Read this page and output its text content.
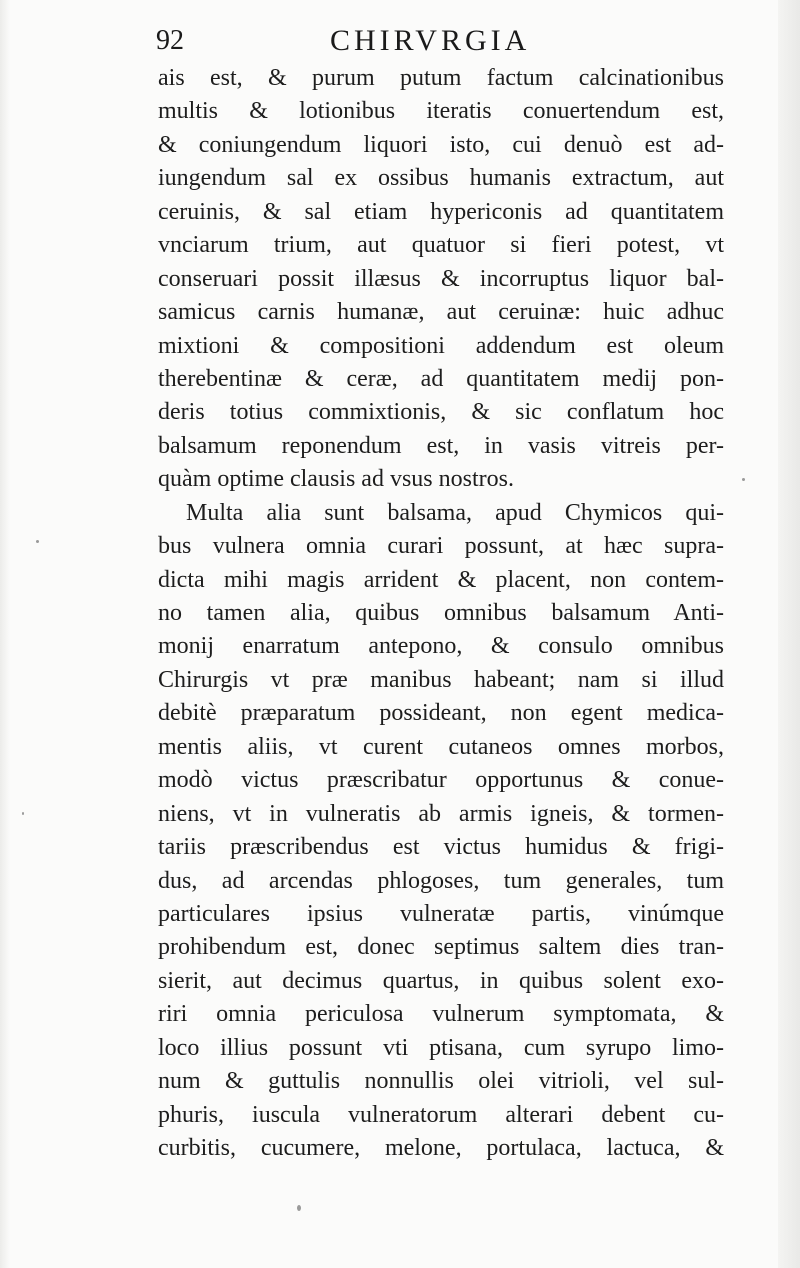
92	CHIRVRGIA
ais est, & purum putum factum calcinationibus
multis & lotionibus iteratis conuertendum est,
& coniungendum liquori isto, cui denuò est ad-
iungendum sal ex ossibus humanis extractum, aut
ceruinis, & sal etiam hypericonis ad quantitatem
vnciarum trium, aut quatuor si fieri potest, vt
conseruari possit illæsus & incorruptus liquor bal-
samicus carnis humanæ, aut ceruinæ: huic adhuc
mixtioni & compositioni addendum est oleum
therebentinæ & ceræ, ad quantitatem medij pon-
deris totius commixtionis, & sic conflatum hoc
balsamum reponendum est, in vasis vitreis per-
quàm optime clausis ad vsus nostros.
Multa alia sunt balsama, apud Chymicos qui-
bus vulnera omnia curari possunt, at hæc supra-
dicta mihi magis arrident & placent, non contem-
no tamen alia, quibus omnibus balsamum Anti-
monij enarratum antepono, & consulo omnibus
Chirurgis vt præ manibus habeant; nam si illud
debitè præparatum possideant, non egent medica-
mentis aliis, vt curent cutaneos omnes morbos,
modò victus præscribatur opportunus & conue-
niens, vt in vulneratis ab armis igneis, & tormen-
tariis præscribendus est victus humidus & frigi-
dus, ad arcendas phlogoses, tum generales, tum
particulares ipsius vulneratæ partis, vinúmque
prohibendum est, donec septimus saltem dies tran-
sierit, aut decimus quartus, in quibus solent exo-
riri omnia periculosa vulnerum symptomata, &
loco illius possunt vti ptisana, cum syrupo limo-
num & guttulis nonnullis olei vitrioli, vel sul-
phuris, iuscula vulneratorum alterari debent cu-
curbitis, cucumere, melone, portulaca, lactuca, &
